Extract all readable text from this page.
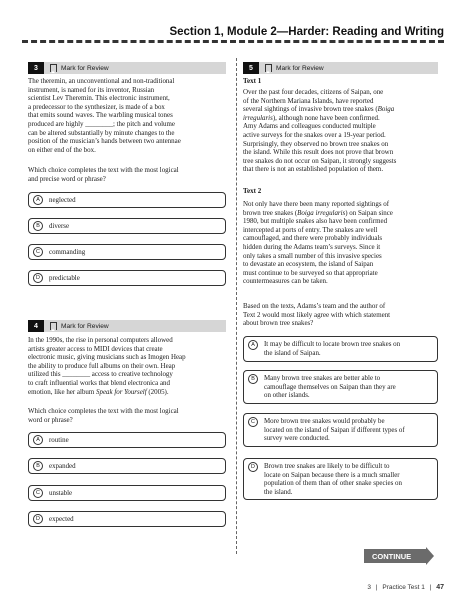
Section 1, Module 2—Harder: Reading and Writing
3	Mark for Review
The theremin, an unconventional and non-traditional
instrument, is named for its inventor, Russian
scientist Lev Theremin. This electronic instrument,
a predecessor to the synthesizer, is made of a box
that emits sound waves. The warbling musical tones
produced are highly ________; the pitch and volume
can be altered substantially by minute changes to the
position of the musician’s hands between two antennae
on either end of the box.
Which choice completes the text with the most logical
and precise word or phrase?
A	neglected
B	diverse
C	commanding
D	predictable
4	Mark for Review
In the 1990s, the rise in personal computers allowed
artists greater access to MIDI devices that create
electronic music, giving musicians such as Imogen Heap
the ability to produce full albums on their own. Heap
utilized this ________ access to creative technology
to craft influential works that blend electronica and
emotion, like her album Speak for Yourself (2005).
Which choice completes the text with the most logical
word or phrase?
A	routine
B	expanded
C	unstable
D	expected
5	Mark for Review
Text 1
Over the past four decades, citizens of Saipan, one
of the Northern Mariana Islands, have reported
several sightings of invasive brown tree snakes (Boiga
irregularis), although none have been confirmed.
Amy Adams and colleagues conducted multiple
active surveys for the snakes over a 19-year period.
Surprisingly, they observed no brown tree snakes on
the island. While this result does not prove that brown
tree snakes do not occur on Saipan, it strongly suggests
that there is not an established population of them.
Text 2
Not only have there been many reported sightings of
brown tree snakes (Boiga irregularis) on Saipan since
1980, but multiple snakes also have been confirmed
intercepted at ports of entry. The snakes are well
camouflaged, and there were probably individuals
hidden during the Adams team’s surveys. Since it
only takes a small number of this invasive species
to devastate an ecosystem, the island of Saipan
must continue to be surveyed so that appropriate
countermeasures can be taken.
Based on the texts, Adams’s team and the author of
Text 2 would most likely agree with which statement
about brown tree snakes?
A	It may be difficult to locate brown tree snakes on
the island of Saipan.
B	Many brown tree snakes are better able to
camouflage themselves on Saipan than they are
on other islands.
C	More brown tree snakes would probably be
located on the island of Saipan if different types of
survey were conducted.
D	Brown tree snakes are likely to be difficult to
locate on Saipan because there is a much smaller
population of them than of other snake species on
the island.
CONTINUE
3 | Practice Test 1 | 47
